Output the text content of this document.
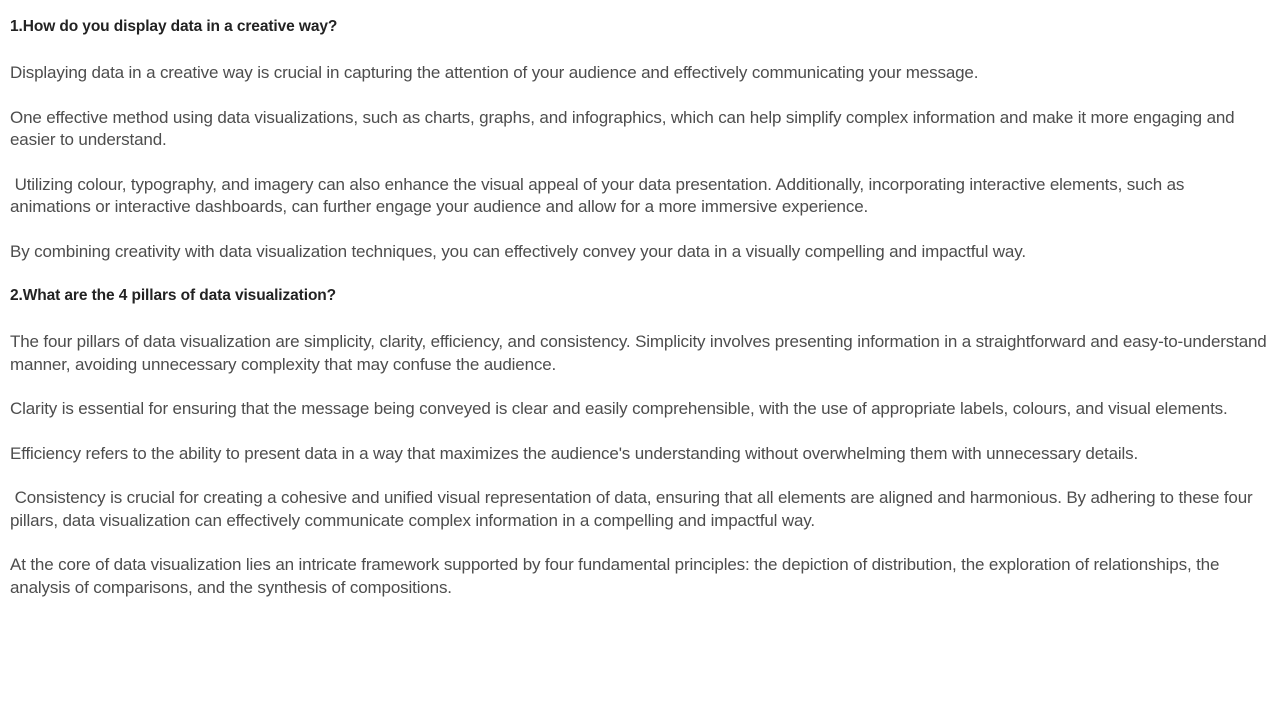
1.How do you display data in a creative way?

Displaying data in a creative way is crucial in capturing the attention of your audience and effectively communicating your message.

One effective method using data visualizations, such as charts, graphs, and infographics, which can help simplify complex information and make it more engaging and easier to understand.

Utilizing colour, typography, and imagery can also enhance the visual appeal of your data presentation. Additionally, incorporating interactive elements, such as animations or interactive dashboards, can further engage your audience and allow for a more immersive experience.

By combining creativity with data visualization techniques, you can effectively convey your data in a visually compelling and impactful way.

2.What are the 4 pillars of data visualization?

The four pillars of data visualization are simplicity, clarity, efficiency, and consistency. Simplicity involves presenting information in a straightforward and easy-to-understand manner, avoiding unnecessary complexity that may confuse the audience.

Clarity is essential for ensuring that the message being conveyed is clear and easily comprehensible, with the use of appropriate labels, colours, and visual elements.

Efficiency refers to the ability to present data in a way that maximizes the audience's understanding without overwhelming them with unnecessary details.

Consistency is crucial for creating a cohesive and unified visual representation of data, ensuring that all elements are aligned and harmonious. By adhering to these four pillars, data visualization can effectively communicate complex information in a compelling and impactful way.

At the core of data visualization lies an intricate framework supported by four fundamental principles: the depiction of distribution, the exploration of relationships, the analysis of comparisons, and the synthesis of compositions.
